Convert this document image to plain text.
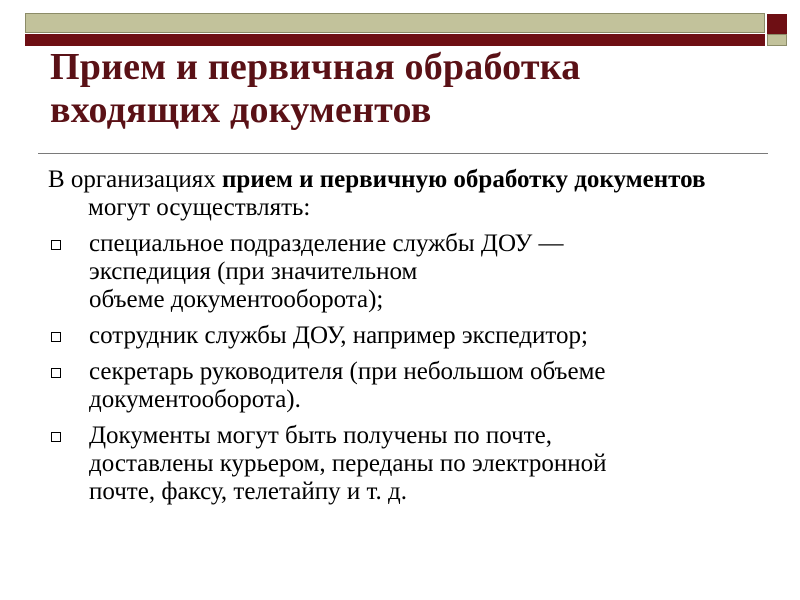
Прием и первичная обработка
входящих документов

В организациях прием и первичную обработку документов могут осуществлять:

специальное подразделение службы ДОУ —
экспедиция (при значительном
объеме документооборота);
сотрудник службы ДОУ, например экспедитор;
секретарь руководителя (при небольшом объеме
документооборота).
Документы могут быть получены по почте,
доставлены курьером, переданы по электронной
почте, факсу, телетайпу и т. д.
